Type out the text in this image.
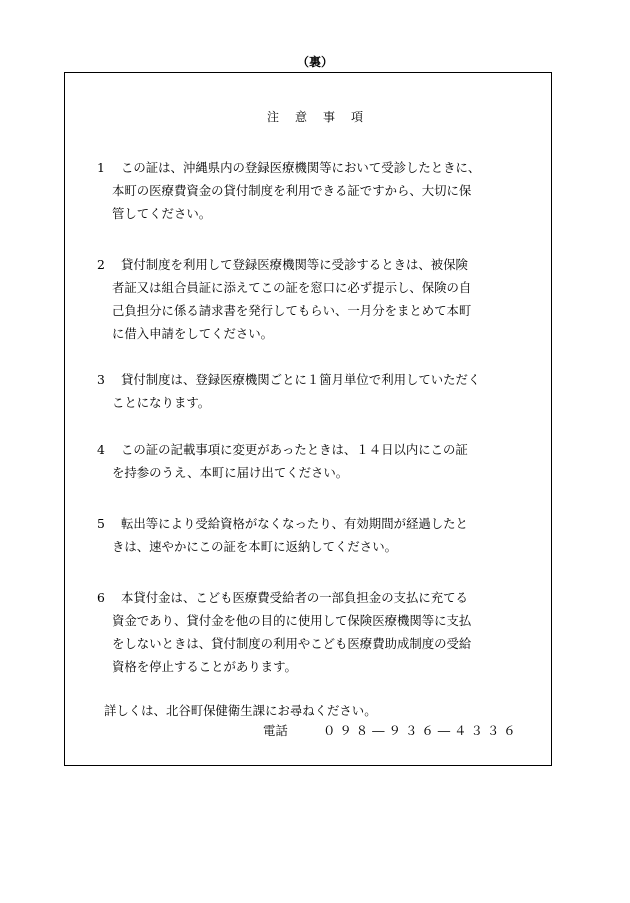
（裏）
注意事項
1 この証は、沖縄県内の登録医療機関等において受診したときに、
本町の医療費資金の貸付制度を利用できる証ですから、大切に保
管してください。
2 貸付制度を利用して登録医療機関等に受診するときは、被保険
者証又は組合員証に添えてこの証を窓口に必ず提示し、保険の自
己負担分に係る請求書を発行してもらい、一月分をまとめて本町
に借入申請をしてください。
3 貸付制度は、登録医療機関ごとに１箇月単位で利用していただく
ことになります。
4 この証の記載事項に変更があったときは、１４日以内にこの証
を持参のうえ、本町に届け出てください。
5 転出等により受給資格がなくなったり、有効期間が経過したと
きは、速やかにこの証を本町に返納してください。
6 本貸付金は、こども医療費受給者の一部負担金の支払に充てる
資金であり、貸付金を他の目的に使用して保険医療機関等に支払
をしないときは、貸付制度の利用やこども医療費助成制度の受給
資格を停止することがあります。
詳しくは、北谷町保健衛生課にお尋ねください。
電話	０９８―９３６―４３３６
